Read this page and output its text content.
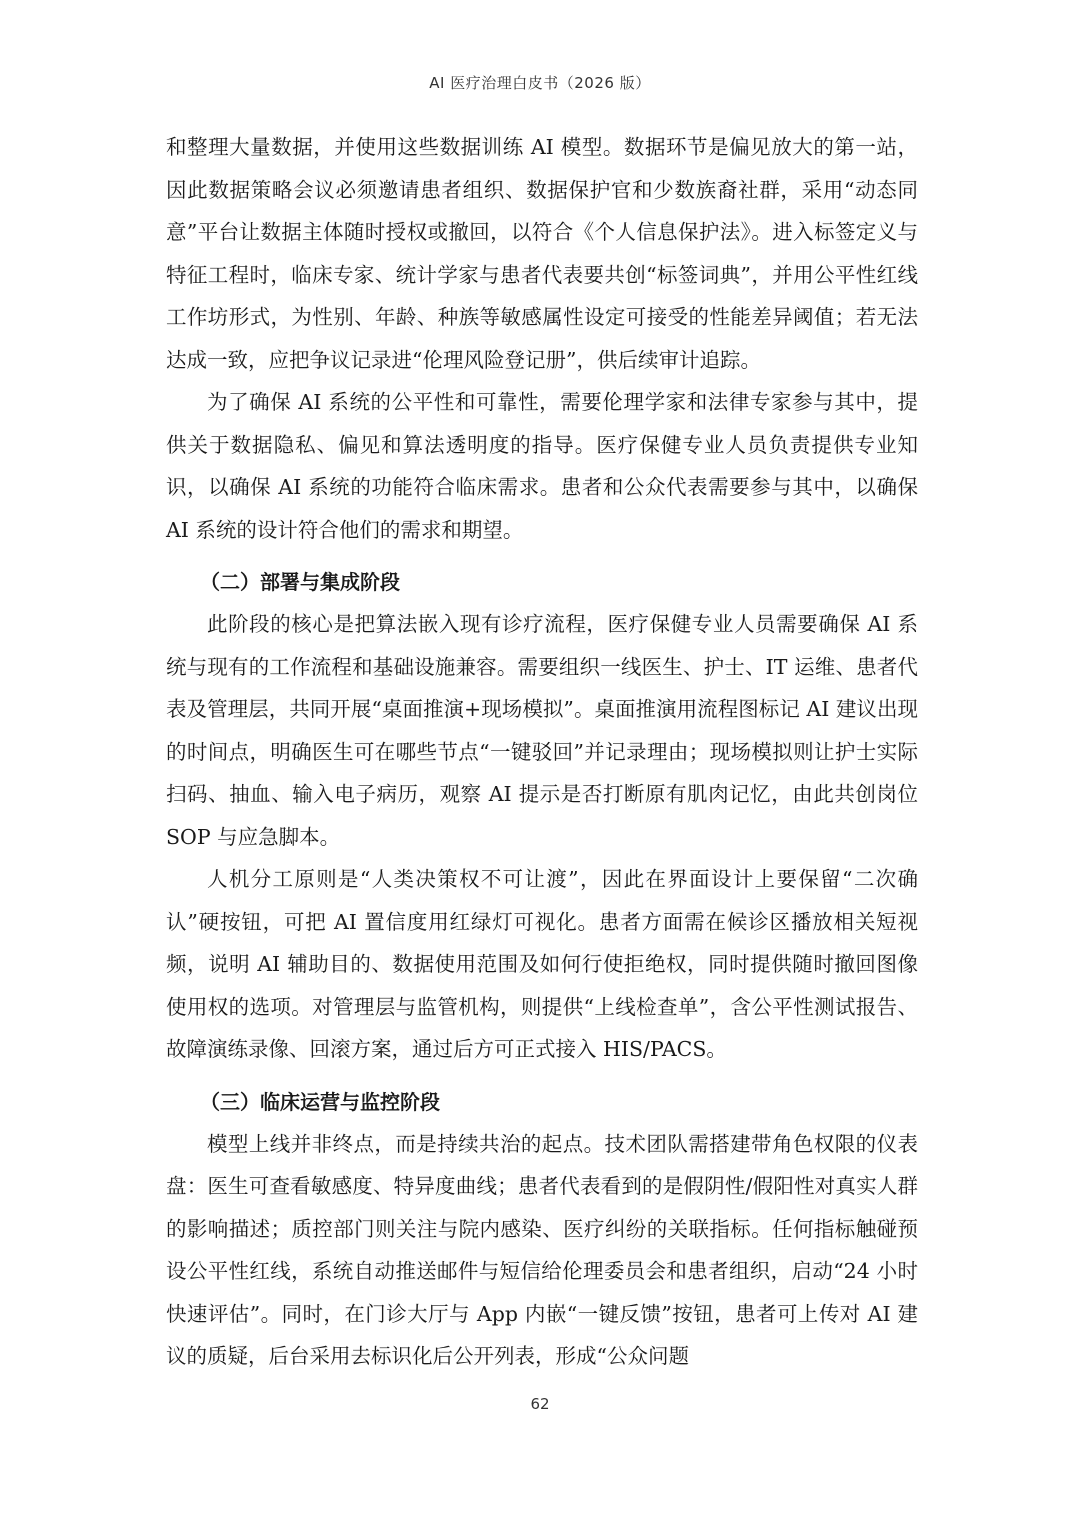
AI 医疗治理白皮书（2026 版）

和整理大量数据，并使用这些数据训练 AI 模型。数据环节是偏见放大的第一站，因此数据策略会议必须邀请患者组织、数据保护官和少数族裔社群，采用“动态同意”平台让数据主体随时授权或撤回，以符合《个人信息保护法》。进入标签定义与特征工程时，临床专家、统计学家与患者代表要共创“标签词典”，并用公平性红线工作坊形式，为性别、年龄、种族等敏感属性设定可接受的性能差异阈值；若无法达成一致，应把争议记录进“伦理风险登记册”，供后续审计追踪。

为了确保 AI 系统的公平性和可靠性，需要伦理学家和法律专家参与其中，提供关于数据隐私、偏见和算法透明度的指导。医疗保健专业人员负责提供专业知识，以确保 AI 系统的功能符合临床需求。患者和公众代表需要参与其中，以确保 AI 系统的设计符合他们的需求和期望。

（二）部署与集成阶段

此阶段的核心是把算法嵌入现有诊疗流程，医疗保健专业人员需要确保 AI 系统与现有的工作流程和基础设施兼容。需要组织一线医生、护士、IT 运维、患者代表及管理层，共同开展“桌面推演+现场模拟”。桌面推演用流程图标记 AI 建议出现的时间点，明确医生可在哪些节点“一键驳回”并记录理由；现场模拟则让护士实际扫码、抽血、输入电子病历，观察 AI 提示是否打断原有肌肉记忆，由此共创岗位 SOP 与应急脚本。

人机分工原则是“人类决策权不可让渡”，因此在界面设计上要保留“二次确认”硬按钮，可把 AI 置信度用红绿灯可视化。患者方面需在候诊区播放相关短视频，说明 AI 辅助目的、数据使用范围及如何行使拒绝权，同时提供随时撤回图像使用权的选项。对管理层与监管机构，则提供“上线检查单”，含公平性测试报告、故障演练录像、回滚方案，通过后方可正式接入 HIS/PACS。

（三）临床运营与监控阶段

模型上线并非终点，而是持续共治的起点。技术团队需搭建带角色权限的仪表盘：医生可查看敏感度、特异度曲线；患者代表看到的是假阴性/假阳性对真实人群的影响描述；质控部门则关注与院内感染、医疗纠纷的关联指标。任何指标触碰预设公平性红线，系统自动推送邮件与短信给伦理委员会和患者组织，启动“24 小时快速评估”。同时，在门诊大厅与 App 内嵌“一键反馈”按钮，患者可上传对 AI 建议的质疑，后台采用去标识化后公开列表，形成“公众问题

62
